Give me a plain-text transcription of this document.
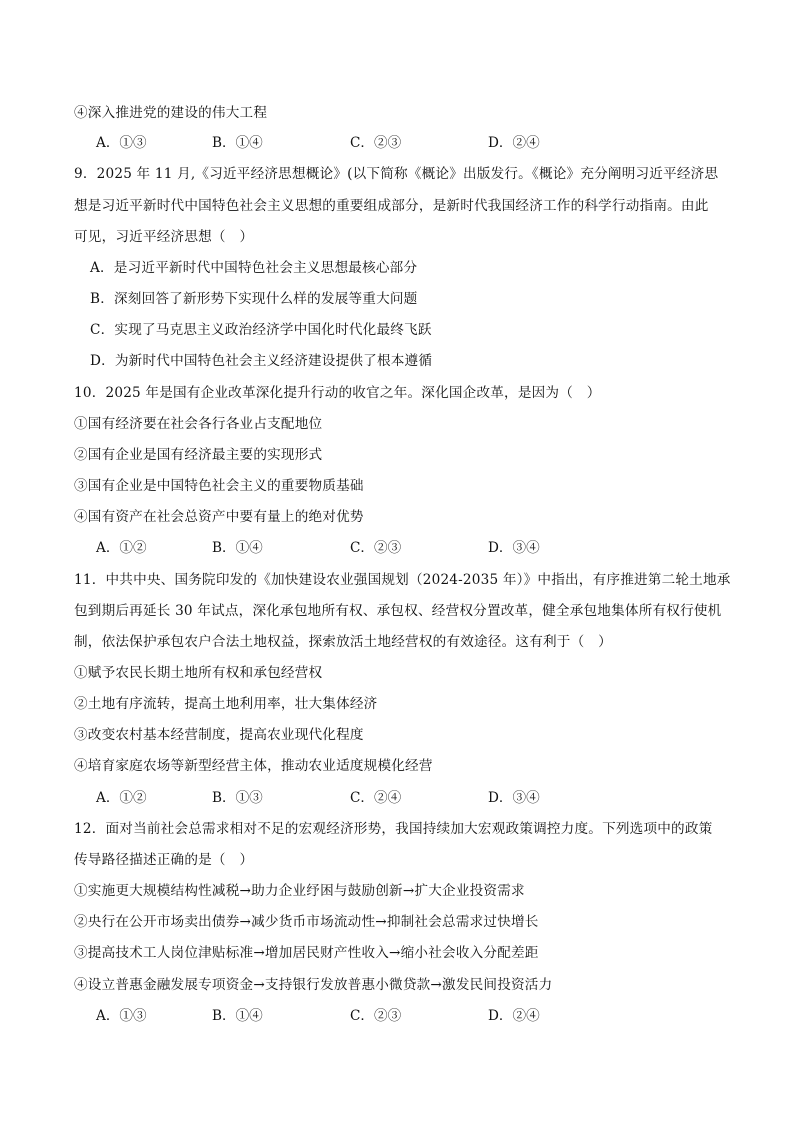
④深入推进党的建设的伟大工程
A．①③	B．①④	C．②③	D．②④
9．2025 年 11 月,《习近平经济思想概论》(以下简称《概论》出版发行。《概论》充分阐明习近平经济思
想是习近平新时代中国特色社会主义思想的重要组成部分，是新时代我国经济工作的科学行动指南。由此
可见，习近平经济思想（　）
A．是习近平新时代中国特色社会主义思想最核心部分
B．深刻回答了新形势下实现什么样的发展等重大问题
C．实现了马克思主义政治经济学中国化时代化最终飞跃
D．为新时代中国特色社会主义经济建设提供了根本遵循
10．2025 年是国有企业改革深化提升行动的收官之年。深化国企改革，是因为（　）
①国有经济要在社会各行各业占支配地位
②国有企业是国有经济最主要的实现形式
③国有企业是中国特色社会主义的重要物质基础
④国有资产在社会总资产中要有量上的绝对优势
A．①②	B．①④	C．②③	D．③④
11．中共中央、国务院印发的《加快建设农业强国规划（2024-2035 年）》中指出，有序推进第二轮土地承
包到期后再延长 30 年试点，深化承包地所有权、承包权、经营权分置改革，健全承包地集体所有权行使机
制，依法保护承包农户合法土地权益，探索放活土地经营权的有效途径。这有利于（　）
①赋予农民长期土地所有权和承包经营权
②土地有序流转，提高土地利用率，壮大集体经济
③改变农村基本经营制度，提高农业现代化程度
④培育家庭农场等新型经营主体，推动农业适度规模化经营
A．①②	B．①③	C．②④	D．③④
12．面对当前社会总需求相对不足的宏观经济形势，我国持续加大宏观政策调控力度。下列选项中的政策
传导路径描述正确的是（　）
①实施更大规模结构性减税→助力企业纾困与鼓励创新→扩大企业投资需求
②央行在公开市场卖出债券→减少货币市场流动性→抑制社会总需求过快增长
③提高技术工人岗位津贴标准→增加居民财产性收入→缩小社会收入分配差距
④设立普惠金融发展专项资金→支持银行发放普惠小微贷款→激发民间投资活力
A．①③	B．①④	C．②③	D．②④
